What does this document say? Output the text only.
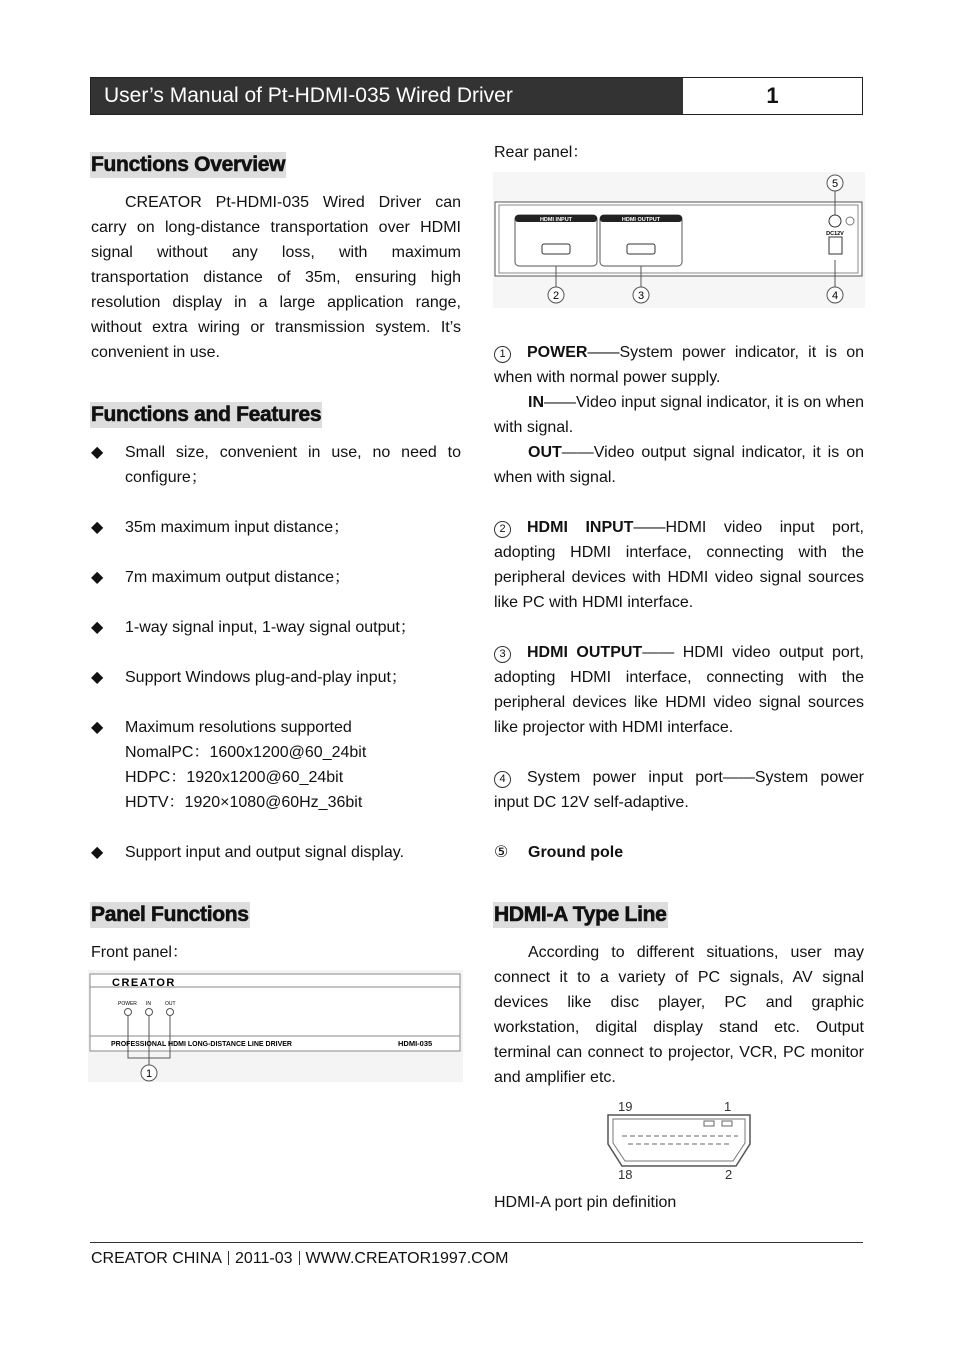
User’s Manual of Pt-HDMI-035 Wired Driver	1
Functions Overview

CREATOR Pt-HDMI-035 Wired Driver can carry on long-distance transportation over HDMI signal without any loss, with maximum transportation distance of 35m, ensuring high resolution display in a large application range, without extra wiring or transmission system. It’s convenient in use.

Functions and Features
◆	Small size, convenient in use, no need to configure；
◆	35m maximum input distance；
◆	7m maximum output distance；
◆	1-way signal input, 1-way signal output；
◆	Support Windows plug-and-play input；
◆	Maximum resolutions supported
NomalPC：1600x1200@60_24bit
HDPC：1920x1200@60_24bit
HDTV：1920×1080@60Hz_36bit
◆	Support input and output signal display.
Panel Functions
Front panel：
CREATOR
POWER IN	OUT
PROFESSIONAL HDMI LONG-DISTANCE LINE DRIVER	HDMI-035
1
Rear panel：
HDMI INPUT	HDMI OUTPUT
DC12V
2	3	4
5

1 POWER——System power indicator, it is on when with normal power supply.

IN——Video input signal indicator, it is on when with signal.

OUT——Video output signal indicator, it is on when with signal.

2 HDMI INPUT——HDMI video input port, adopting HDMI interface, connecting with the peripheral devices with HDMI video signal sources like PC with HDMI interface.

3 HDMI OUTPUT—— HDMI video output port, adopting HDMI interface, connecting with the peripheral devices like HDMI video signal sources like projector with HDMI interface.

4 System power input port——System power input DC 12V self-adaptive.

⑤ Ground pole

HDMI-A Type Line

According to different situations, user may connect it to a variety of PC signals, AV signal devices like disc player, PC and graphic workstation, digital display stand etc. Output terminal can connect to projector, VCR, PC monitor and amplifier etc.

19	1
18	2
HDMI-A port pin definition
CREATOR CHINA 2011-03 WWW.CREATOR1997.COM
